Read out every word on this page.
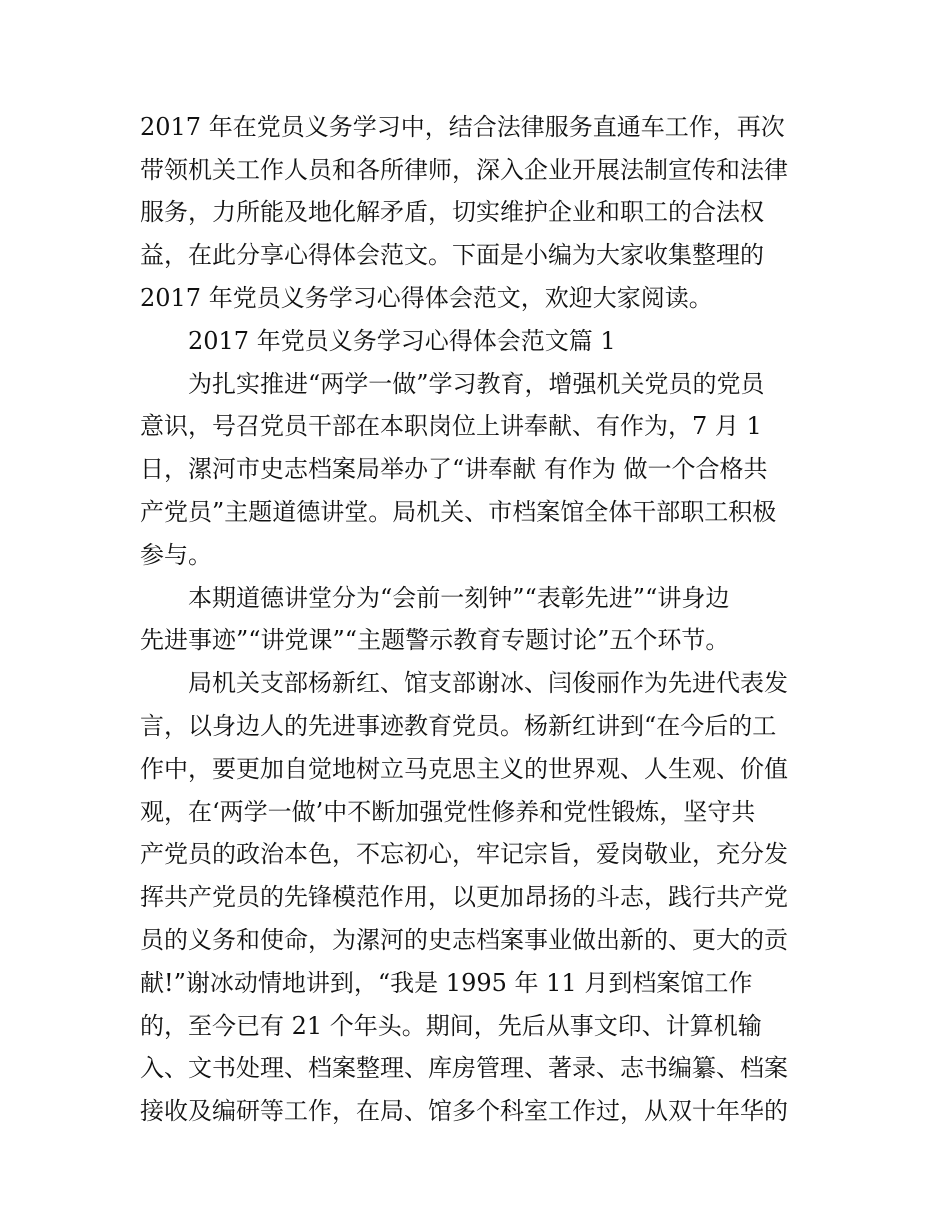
2017 年在党员义务学习中，结合法律服务直通车工作，再次
带领机关工作人员和各所律师，深入企业开展法制宣传和法律
服务，力所能及地化解矛盾，切实维护企业和职工的合法权
益，在此分享心得体会范文。下面是小编为大家收集整理的
2017 年党员义务学习心得体会范文，欢迎大家阅读。
2017 年党员义务学习心得体会范文篇 1
为扎实推进“两学一做”学习教育，增强机关党员的党员
意识，号召党员干部在本职岗位上讲奉献、有作为，7 月 1
日，漯河市史志档案局举办了“讲奉献 有作为 做一个合格共
产党员”主题道德讲堂。局机关、市档案馆全体干部职工积极
参与。
本期道德讲堂分为“会前一刻钟”“表彰先进”“讲身边
先进事迹”“讲党课”“主题警示教育专题讨论”五个环节。
局机关支部杨新红、馆支部谢冰、闫俊丽作为先进代表发
言，以身边人的先进事迹教育党员。杨新红讲到“在今后的工
作中，要更加自觉地树立马克思主义的世界观、人生观、价值
观，在‘两学一做’中不断加强党性修养和党性锻炼，坚守共
产党员的政治本色，不忘初心，牢记宗旨，爱岗敬业，充分发
挥共产党员的先锋模范作用，以更加昂扬的斗志，践行共产党
员的义务和使命，为漯河的史志档案事业做出新的、更大的贡
献!”谢冰动情地讲到，“我是 1995 年 11 月到档案馆工作
的，至今已有 21 个年头。期间，先后从事文印、计算机输
入、文书处理、档案整理、库房管理、著录、志书编纂、档案
接收及编研等工作，在局、馆多个科室工作过，从双十年华的
